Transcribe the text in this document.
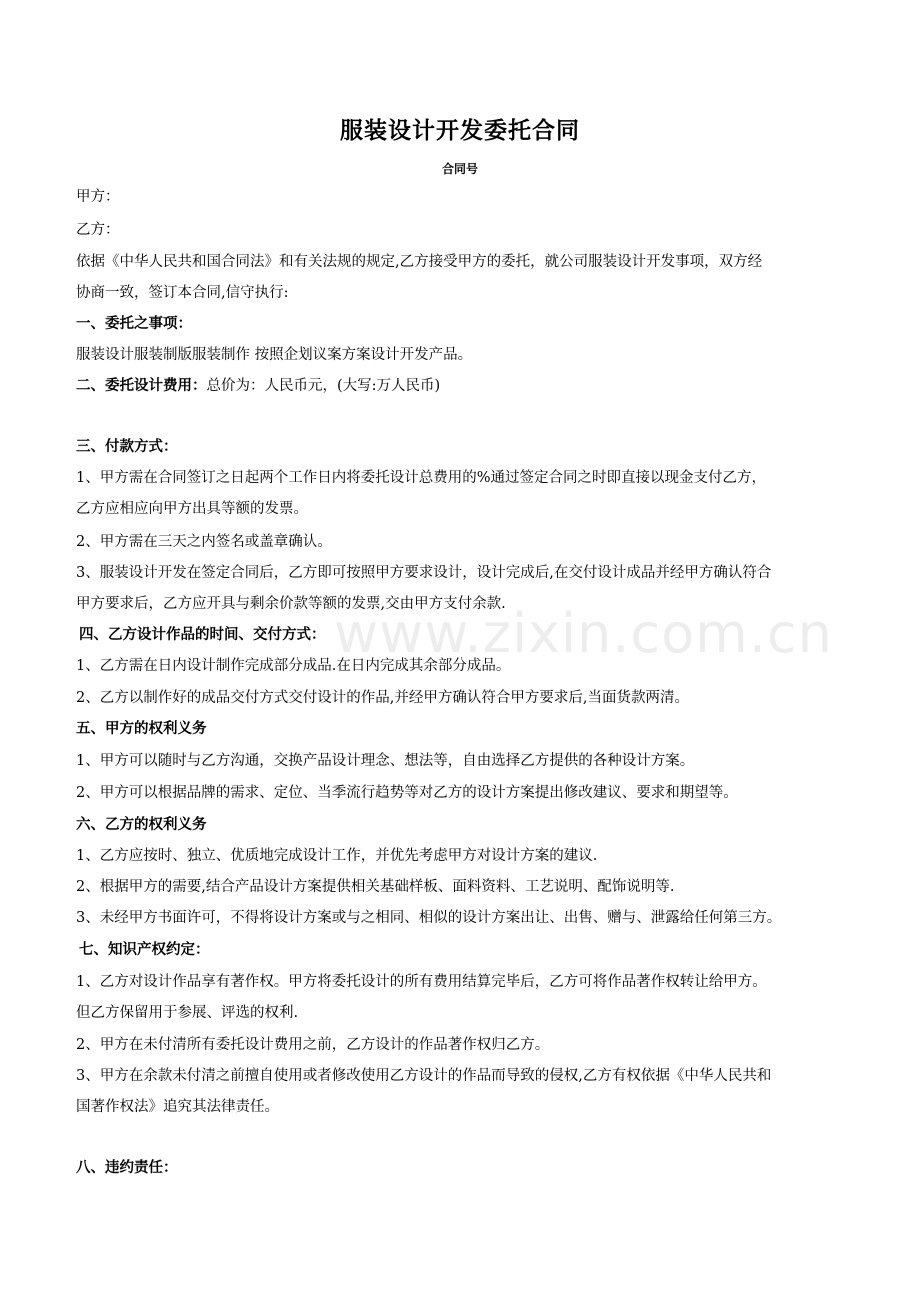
服装设计开发委托合同
合同号
甲方：
乙方：
依据《中华人民共和国合同法》和有关法规的规定,乙方接受甲方的委托，就公司服装设计开发事项，双方经
协商一致，签订本合同,信守执行:
一、委托之事项：
服装设计服装制版服装制作 按照企划议案方案设计开发产品。
二、委托设计费用：总价为：人民币元，(大写:万人民币)
三、付款方式：
1、甲方需在合同签订之日起两个工作日内将委托设计总费用的%通过签定合同之时即直接以现金支付乙方，
乙方应相应向甲方出具等额的发票。
2、甲方需在三天之内签名或盖章确认。
3、服装设计开发在签定合同后，乙方即可按照甲方要求设计，设计完成后,在交付设计成品并经甲方确认符合
甲方要求后，乙方应开具与剩余价款等额的发票,交由甲方支付余款.
四、乙方设计作品的时间、交付方式：
1、乙方需在日内设计制作完成部分成品.在日内完成其余部分成品。
2、乙方以制作好的成品交付方式交付设计的作品,并经甲方确认符合甲方要求后,当面货款两清。
五、甲方的权利义务
1、甲方可以随时与乙方沟通，交换产品设计理念、想法等，自由选择乙方提供的各种设计方案。
2、甲方可以根据品牌的需求、定位、当季流行趋势等对乙方的设计方案提出修改建议、要求和期望等。
六、乙方的权利义务
1、乙方应按时、独立、优质地完成设计工作，并优先考虑甲方对设计方案的建议.
2、根据甲方的需要,结合产品设计方案提供相关基础样板、面料资料、工艺说明、配饰说明等.
3、未经甲方书面许可，不得将设计方案或与之相同、相似的设计方案出让、出售、赠与、泄露给任何第三方。
七、知识产权约定：
1、乙方对设计作品享有著作权。甲方将委托设计的所有费用结算完毕后，乙方可将作品著作权转让给甲方。
但乙方保留用于参展、评选的权利.
2、甲方在未付清所有委托设计费用之前，乙方设计的作品著作权归乙方。
3、甲方在余款未付清之前擅自使用或者修改使用乙方设计的作品而导致的侵权,乙方有权依据《中华人民共和
国著作权法》追究其法律责任。
八、违约责任：
www.zixin.com.cn
